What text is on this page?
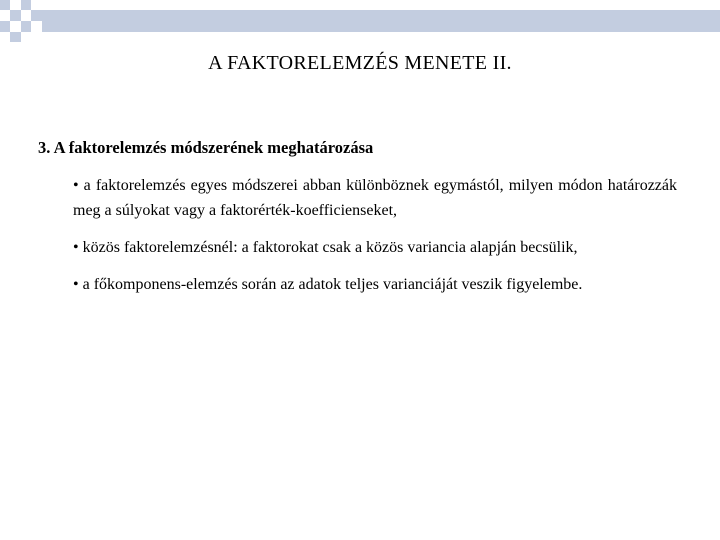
A FAKTORELEMZÉS MENETE II.
3. A faktorelemzés módszerének meghatározása
• a faktorelemzés egyes módszerei abban különböznek egymástól, milyen módon határozzák meg a súlyokat vagy a faktorérték-koefficienseket,
• közös faktorelemzésnél: a faktorokat csak a közös variancia alapján becsülik,
• a főkomponens-elemzés során az adatok teljes varianciáját veszik figyelembe.
